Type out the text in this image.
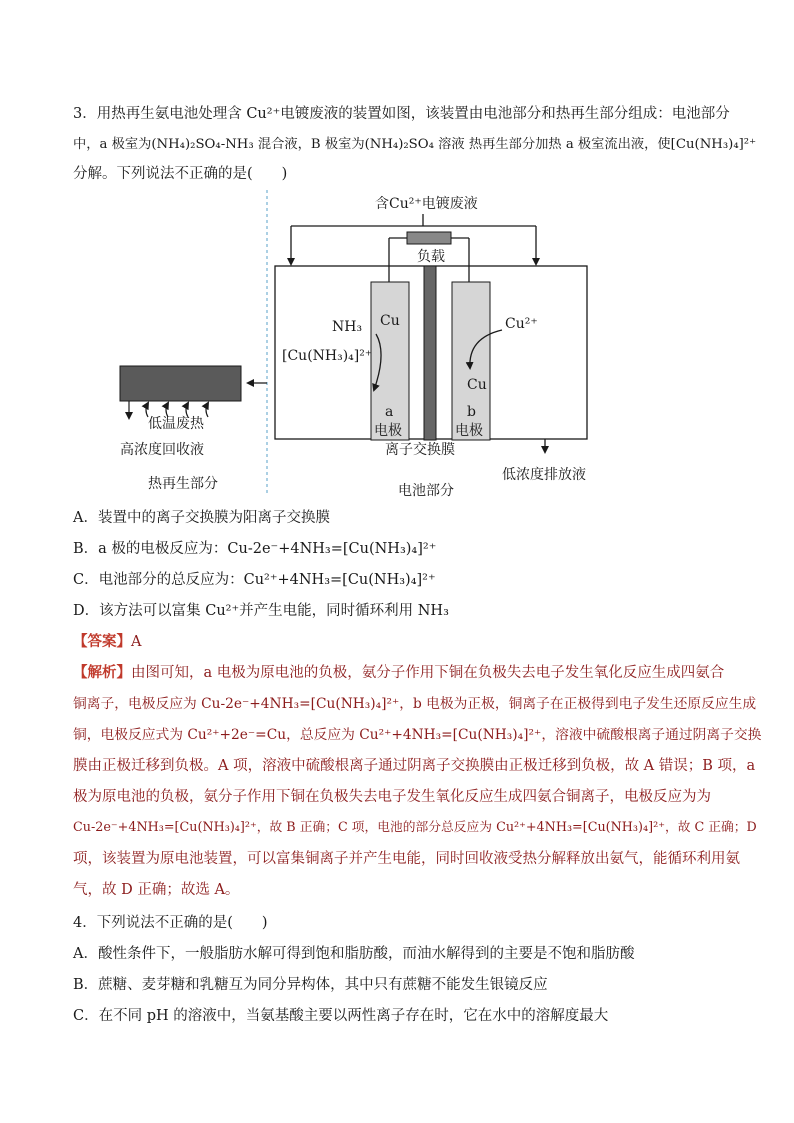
3．用热再生氨电池处理含 Cu²⁺电镀废液的装置如图，该装置由电池部分和热再生部分组成：电池部分
中，a 极室为(NH₄)₂SO₄-NH₃ 混合液，B 极室为(NH₄)₂SO₄ 溶液 热再生部分加热 a 极室流出液，使[Cu(NH₃)₄]²⁺
分解。下列说法不正确的是(　　)
含Cu²⁺电镀废液
负载
NH₃ Cu
[Cu(NH₃)₄]²⁺
a
电极
Cu²⁺
Cu
b
电极
离子交换膜
低浓度排放液
电池部分
低温废热
高浓度回收液
热再生部分
A．装置中的离子交换膜为阳离子交换膜
B．a 极的电极反应为：Cu-2e⁻+4NH₃=[Cu(NH₃)₄]²⁺
C．电池部分的总反应为：Cu²⁺+4NH₃=[Cu(NH₃)₄]²⁺
D．该方法可以富集 Cu²⁺并产生电能，同时循环利用 NH₃
【答案】A
【解析】由图可知，a 电极为原电池的负极，氨分子作用下铜在负极失去电子发生氧化反应生成四氨合
铜离子，电极反应为 Cu-2e⁻+4NH₃=[Cu(NH₃)₄]²⁺，b 电极为正极，铜离子在正极得到电子发生还原反应生成
铜，电极反应式为 Cu²⁺+2e⁻=Cu，总反应为 Cu²⁺+4NH₃=[Cu(NH₃)₄]²⁺，溶液中硫酸根离子通过阴离子交换
膜由正极迁移到负极。A 项，溶液中硫酸根离子通过阴离子交换膜由正极迁移到负极，故 A 错误；B 项，a
极为原电池的负极，氨分子作用下铜在负极失去电子发生氧化反应生成四氨合铜离子，电极反应为为
Cu-2e⁻+4NH₃=[Cu(NH₃)₄]²⁺，故 B 正确；C 项，电池的部分总反应为 Cu²⁺+4NH₃=[Cu(NH₃)₄]²⁺，故 C 正确；D
项，该装置为原电池装置，可以富集铜离子并产生电能，同时回收液受热分解释放出氨气，能循环利用氨
气，故 D 正确；故选 A。
4．下列说法不正确的是(　　)
A．酸性条件下，一般脂肪水解可得到饱和脂肪酸，而油水解得到的主要是不饱和脂肪酸
B．蔗糖、麦芽糖和乳糖互为同分异构体，其中只有蔗糖不能发生银镜反应
C．在不同 pH 的溶液中，当氨基酸主要以两性离子存在时，它在水中的溶解度最大
